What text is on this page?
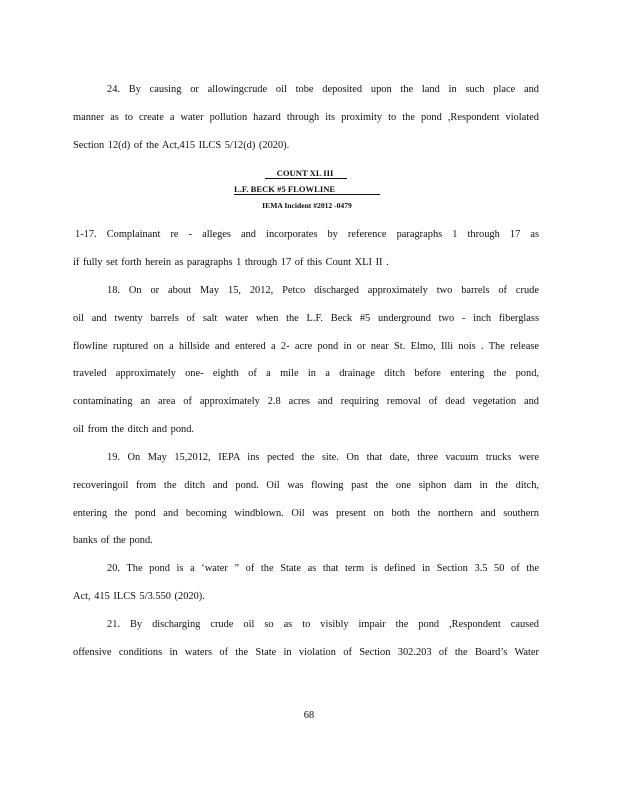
24. By causing or allowingcrude oil tobe deposited upon the land in such place and
manner as to create a water pollution hazard through its proximity to the pond ,Respondent violated
Section 12(d) of the Act,415 ILCS 5/12(d) (2020).
COUNT XL III
L.F. BECK #5 FLOWLINE
IEMA Incident #2012 -0479
1-17. Complainant re - alleges and incorporates by reference paragraphs 1 through 17 as
if fully set forth herein as paragraphs 1 through 17 of this Count XLI II .
18. On or about May 15, 2012, Petco discharged approximately two barrels of crude
oil and twenty barrels of salt water when the L.F. Beck #5 underground two - inch fiberglass
flowline ruptured on a hillside and entered a 2- acre pond in or near St. Elmo, Illi nois . The release
traveled approximately one- eighth of a mile in a drainage ditch before entering the pond,
contaminating an area of approximately 2.8 acres and requiring removal of dead vegetation and
oil from the ditch and pond.
19. On May 15,2012, IEPA ins pected the site. On that date, three vacuum trucks were
recoveringoil from the ditch and pond. Oil was flowing past the one siphon dam in the ditch,
entering the pond and becoming windblown. Oil was present on both the northern and southern
banks of the pond.
20. The pond is a ‘water ” of the State as that term is defined in Section 3.5 50 of the
Act, 415 ILCS 5/3.550 (2020).
21. By discharging crude oil so as to visibly impair the pond ,Respondent caused
offensive conditions in waters of the State in violation of Section 302.203 of the Board’s Water
68
